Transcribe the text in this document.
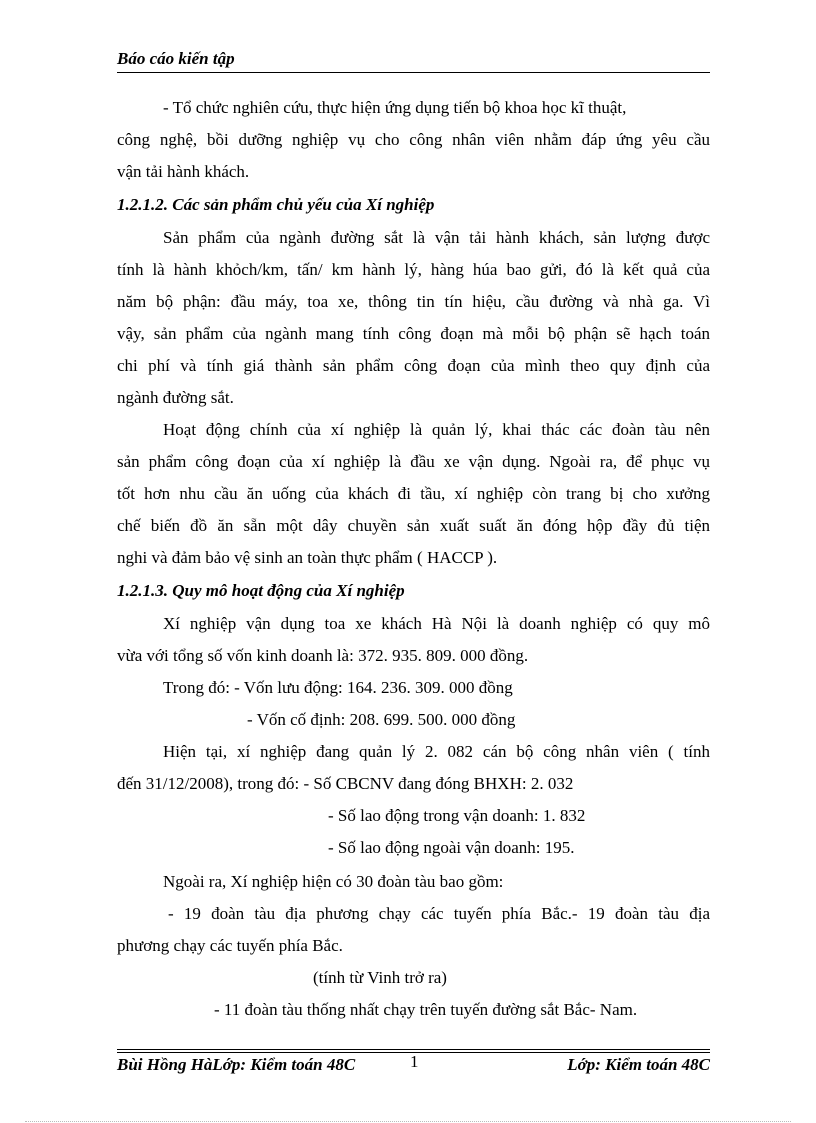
Báo cáo kiến tập
- Tổ chức nghiên cứu, thực hiện ứng dụng tiến bộ khoa học kĩ thuật,
công nghệ, bồi dưỡng nghiệp vụ cho công nhân viên nhằm đáp ứng yêu cầu
vận tải hành khách.
1.2.1.2. Các sản phẩm chủ yếu của Xí nghiệp
Sản phẩm của ngành đường sắt là vận tải hành khách, sản lượng được
tính là hành khỏch/km, tấn/ km hành lý, hàng húa bao gửi, đó là kết quả của
năm bộ phận: đầu máy, toa xe, thông tin tín hiệu, cầu đường và nhà ga. Vì
vậy, sản phẩm của ngành mang tính công đoạn mà mỗi bộ phận sẽ hạch toán
chi phí và tính giá thành sản phẩm công đoạn của mình theo quy định của
ngành đường sắt.
Hoạt động chính của xí nghiệp là quản lý, khai thác các đoàn tàu nên
sản phẩm công đoạn của xí nghiệp là đầu xe vận dụng. Ngoài ra, để phục vụ
tốt hơn nhu cầu ăn uống của khách đi tầu, xí nghiệp còn trang bị cho xưởng
chế biến đồ ăn sẵn một dây chuyền sản xuất suất ăn đóng hộp đầy đủ tiện
nghi và đảm bảo vệ sinh an toàn thực phẩm ( HACCP ).
1.2.1.3. Quy mô hoạt động của Xí nghiệp
Xí nghiệp vận dụng toa xe khách Hà Nội là doanh nghiệp có quy mô
vừa với tổng số vốn kinh doanh là: 372. 935. 809. 000 đồng.
Trong đó: - Vốn lưu động: 164. 236. 309. 000 đồng
- Vốn cố định: 208. 699. 500. 000 đồng
Hiện tại, xí nghiệp đang quản lý 2. 082 cán bộ công nhân viên ( tính
đến 31/12/2008), trong đó: - Số CBCNV đang đóng BHXH: 2. 032
- Số lao động trong vận doanh: 1. 832
- Số lao động ngoài vận doanh: 195.
Ngoài ra, Xí nghiệp hiện có 30 đoàn tàu bao gồm:
- 19 đoàn tàu địa phương chạy các tuyến phía Bắc.- 19 đoàn tàu địa
phương chạy các tuyến phía Bắc.
(tính từ Vinh trở ra)
- 11 đoàn tàu thống nhất chạy trên tuyến đường sắt Bắc- Nam.
Bùi Hồng HàLớp: Kiểm toán 48C	1	Lớp: Kiểm toán 48C
